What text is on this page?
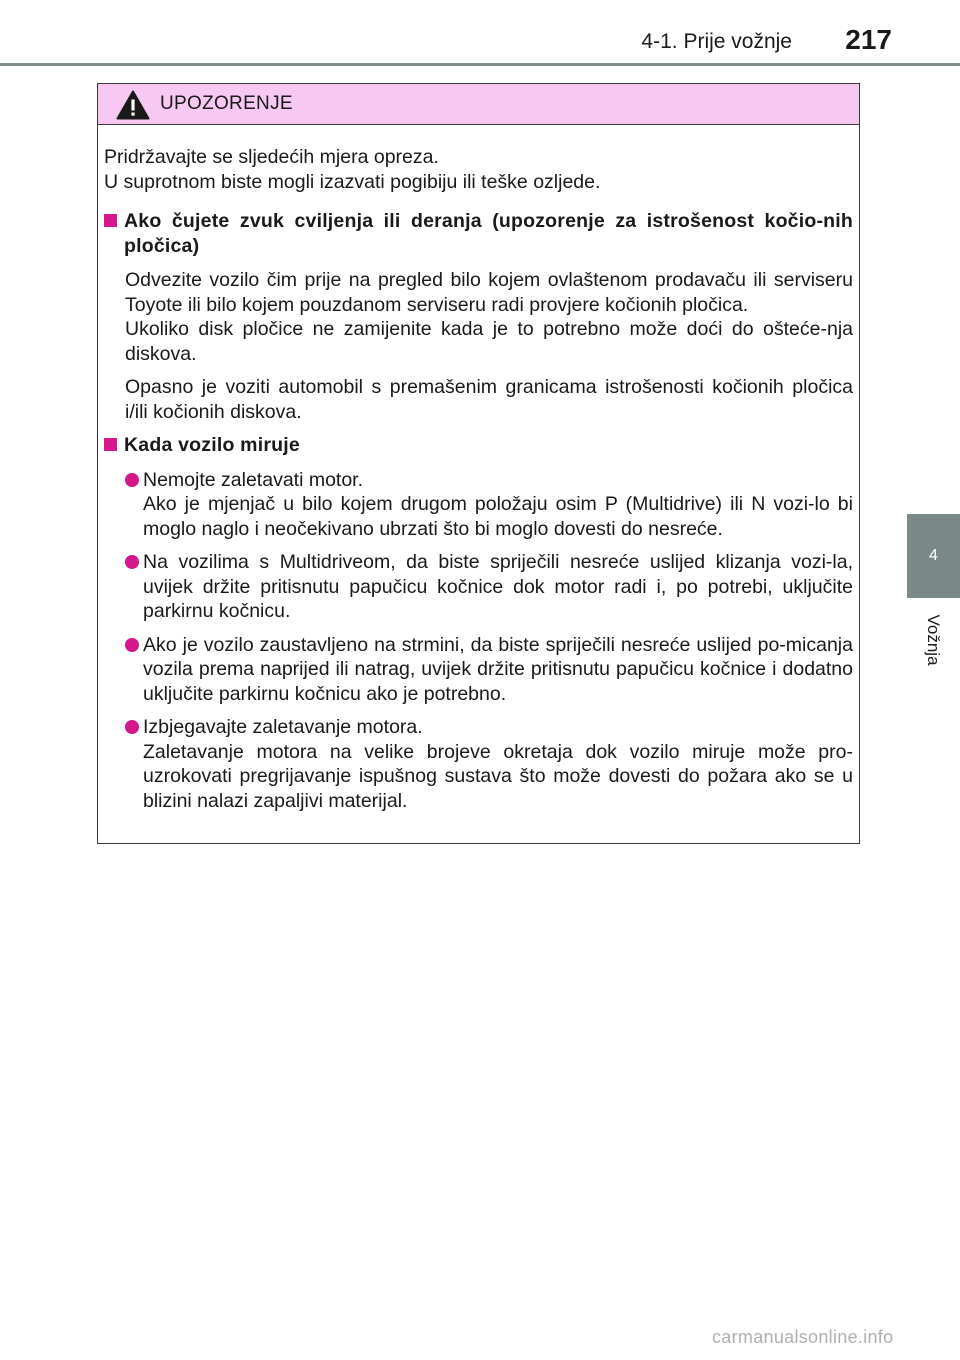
4-1. Prije vožnje 217
4
Vožnja
UPOZORENJE

Pridržavajte se sljedećih mjera opreza.
U suprotnom biste mogli izazvati pogibiju ili teške ozljede.

Ako čujete zvuk cviljenja ili deranja (upozorenje za istrošenost kočio-nih pločica)

Odvezite vozilo čim prije na pregled bilo kojem ovlaštenom prodavaču ili serviseru Toyote ili bilo kojem pouzdanom serviseru radi provjere kočionih pločica.
Ukoliko disk pločice ne zamijenite kada je to potrebno može doći do oštećе-nja diskova.

Opasno je voziti automobil s premašenim granicama istrošenosti kočionih pločica i/ili kočionih diskova.

Kada vozilo miruje
Nemojte zaletavati motor.
Ako je mjenjač u bilo kojem drugom položaju osim P (Multidrive) ili N vozi-lo bi moglo naglo i neočekivano ubrzati što bi moglo dovesti do nesreće.
Na vozilima s Multidriveom, da biste spriječili nesreće uslijed klizanja vozi-la, uvijek držite pritisnutu papučicu kočnice dok motor radi i, po potrebi, uključite parkirnu kočnicu.
Ako je vozilo zaustavljeno na strmini, da biste spriječili nesreće uslijed po-micanja vozila prema naprijed ili natrag, uvijek držite pritisnutu papučicu kočnice i dodatno uključite parkirnu kočnicu ako je potrebno.
Izbjegavajte zaletavanje motora.
Zaletavanje motora na velike brojeve okretaja dok vozilo miruje može pro-uzrokovati pregrijavanje ispušnog sustava što može dovesti do požara ako se u blizini nalazi zapaljivi materijal.
carmanualsonline.info
